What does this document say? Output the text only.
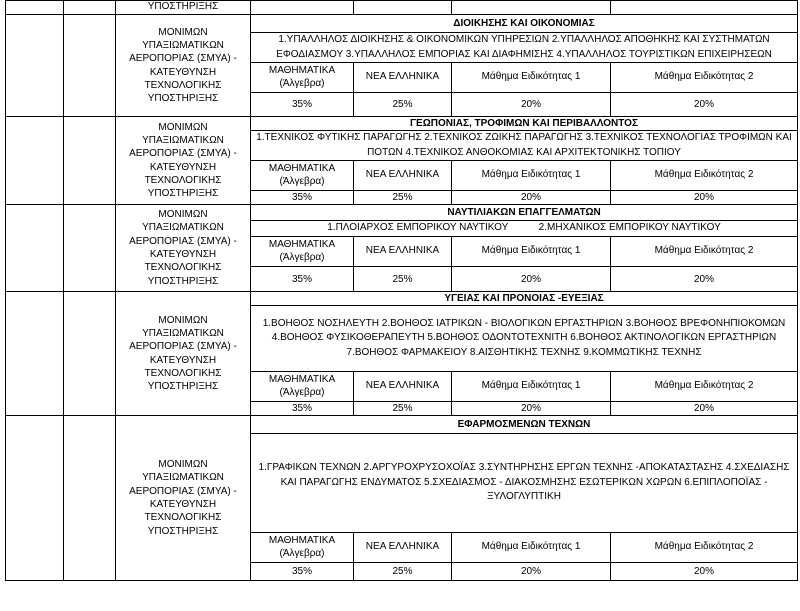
		ΥΠΟΣΤΗΡΙΞΗΣ				
		ΜΟΝΙΜΩΝ ΥΠΑΞΙΩΜΑΤΙΚΩΝ ΑΕΡΟΠΟΡΙΑΣ (ΣΜΥΑ) - ΚΑΤΕΥΘΥΝΣΗ ΤΕΧΝΟΛΟΓΙΚΗΣ ΥΠΟΣΤΗΡΙΞΗΣ	ΔΙΟΙΚΗΣΗΣ ΚΑΙ ΟΙΚΟΝΟΜΙΑΣ			
			1.ΥΠΑΛΛΗΛΟΣ ΔΙΟΙΚΗΣΗΣ & ΟΙΚΟΝΟΜΙΚΩΝ ΥΠΗΡΕΣΙΩΝ 2.ΥΠΑΛΛΗΛΟΣ ΑΠΟΘΗΚΗΣ ΚΑΙ ΣΥΣΤΗΜΑΤΩΝ ΕΦΟΔΙΑΣΜΟΥ 3.ΥΠΑΛΛΗΛΟΣ ΕΜΠΟΡΙΑΣ ΚΑΙ ΔΙΑΦΗΜΙΣΗΣ 4.ΥΠΑΛΛΗΛΟΣ ΤΟΥΡΙΣΤΙΚΩΝ ΕΠΙΧΕΙΡΗΣΕΩΝ			
			ΜΑΘΗΜΑΤΙΚΑ (Άλγεβρα)	ΝΕΑ ΕΛΛΗΝΙΚΑ	Μάθημα Ειδικότητας 1	Μάθημα Ειδικότητας 2
			35%	25%	20%	20%
		ΜΟΝΙΜΩΝ ΥΠΑΞΙΩΜΑΤΙΚΩΝ ΑΕΡΟΠΟΡΙΑΣ (ΣΜΥΑ) - ΚΑΤΕΥΘΥΝΣΗ ΤΕΧΝΟΛΟΓΙΚΗΣ ΥΠΟΣΤΗΡΙΞΗΣ	ΓΕΩΠΟΝΙΑΣ, ΤΡΟΦΙΜΩΝ ΚΑΙ ΠΕΡΙΒΑΛΛΟΝΤΟΣ			
			1.ΤΕΧΝΙΚΟΣ ΦΥΤΙΚΗΣ ΠΑΡΑΓΩΓΗΣ 2.ΤΕΧΝΙΚΟΣ ΖΩΙΚΗΣ ΠΑΡΑΓΩΓΗΣ 3.ΤΕΧΝΙΚΟΣ ΤΕΧΝΟΛΟΓΙΑΣ ΤΡΟΦΙΜΩΝ ΚΑΙ ΠΟΤΩΝ 4.ΤΕΧΝΙΚΟΣ ΑΝΘΟΚΟΜΙΑΣ ΚΑΙ ΑΡΧΙΤΕΚΤΟΝΙΚΗΣ ΤΟΠΙΟΥ			
			ΜΑΘΗΜΑΤΙΚΑ (Άλγεβρα)	ΝΕΑ ΕΛΛΗΝΙΚΑ	Μάθημα Ειδικότητας 1	Μάθημα Ειδικότητας 2
			35%	25%	20%	20%
		ΜΟΝΙΜΩΝ ΥΠΑΞΙΩΜΑΤΙΚΩΝ ΑΕΡΟΠΟΡΙΑΣ (ΣΜΥΑ) - ΚΑΤΕΥΘΥΝΣΗ ΤΕΧΝΟΛΟΓΙΚΗΣ ΥΠΟΣΤΗΡΙΞΗΣ	ΝΑΥΤΙΛΙΑΚΩΝ ΕΠΑΓΓΕΛΜΑΤΩΝ			
			1.ΠΛΟΙΑΡΧΟΣ ΕΜΠΟΡΙΚΟΥ ΝΑΥΤΙΚΟΥ           2.ΜΗΧΑΝΙΚΟΣ ΕΜΠΟΡΙΚΟΥ ΝΑΥΤΙΚΟΥ			
			ΜΑΘΗΜΑΤΙΚΑ (Άλγεβρα)	ΝΕΑ ΕΛΛΗΝΙΚΑ	Μάθημα Ειδικότητας 1	Μάθημα Ειδικότητας 2
			35%	25%	20%	20%
		ΜΟΝΙΜΩΝ ΥΠΑΞΙΩΜΑΤΙΚΩΝ ΑΕΡΟΠΟΡΙΑΣ (ΣΜΥΑ) - ΚΑΤΕΥΘΥΝΣΗ ΤΕΧΝΟΛΟΓΙΚΗΣ ΥΠΟΣΤΗΡΙΞΗΣ	ΥΓΕΙΑΣ ΚΑΙ ΠΡΟΝΟΙΑΣ -ΕΥΕΞΙΑΣ			
			1.ΒΟΗΘΟΣ ΝΟΣΗΛΕΥΤΗ 2.ΒΟΗΘΟΣ ΙΑΤΡΙΚΩΝ - ΒΙΟΛΟΓΙΚΩΝ ΕΡΓΑΣΤΗΡΙΩΝ 3.ΒΟΗΘΟΣ ΒΡΕΦΟΝΗΠΙΟΚΟΜΩΝ 4.ΒΟΗΘΟΣ ΦΥΣΙΚΟΘΕΡΑΠΕΥΤΗ 5.ΒΟΗΘΟΣ ΟΔΟΝΤΟΤΕΧΝΙΤΗ 6.ΒΟΗΘΟΣ ΑΚΤΙΝΟΛΟΓΙΚΩΝ ΕΡΓΑΣΤΗΡΙΩΝ 7.ΒΟΗΘΟΣ ΦΑΡΜΑΚΕΙΟΥ 8.ΑΙΣΘΗΤΙΚΗΣ ΤΕΧΝΗΣ 9.ΚΟΜΜΩΤΙΚΗΣ ΤΕΧΝΗΣ			
			ΜΑΘΗΜΑΤΙΚΑ (Άλγεβρα)	ΝΕΑ ΕΛΛΗΝΙΚΑ	Μάθημα Ειδικότητας 1	Μάθημα Ειδικότητας 2
			35%	25%	20%	20%
		ΜΟΝΙΜΩΝ ΥΠΑΞΙΩΜΑΤΙΚΩΝ ΑΕΡΟΠΟΡΙΑΣ (ΣΜΥΑ) - ΚΑΤΕΥΘΥΝΣΗ ΤΕΧΝΟΛΟΓΙΚΗΣ ΥΠΟΣΤΗΡΙΞΗΣ	ΕΦΑΡΜΟΣΜΕΝΩΝ ΤΕΧΝΩΝ			
			1.ΓΡΑΦΙΚΩΝ ΤΕΧΝΩΝ 2.ΑΡΓΥΡΟΧΡΥΣΟΧΟΪΑΣ 3.ΣΥΝΤΗΡΗΣΗΣ ΕΡΓΩΝ ΤΕΧΝΗΣ -ΑΠΟΚΑΤΑΣΤΑΣΗΣ 4.ΣΧΕΔΙΑΣΗΣ ΚΑΙ ΠΑΡΑΓΩΓΗΣ ΕΝΔΥΜΑΤΟΣ 5.ΣΧΕΔΙΑΣΜΟΣ - ΔΙΑΚΟΣΜΗΣΗΣ ΕΣΩΤΕΡΙΚΩΝ ΧΩΡΩΝ 6.ΕΠΙΠΛΟΠΟΪΑΣ - ΞΥΛΟΓΛΥΠΤΙΚΗ			
			ΜΑΘΗΜΑΤΙΚΑ (Άλγεβρα)	ΝΕΑ ΕΛΛΗΝΙΚΑ	Μάθημα Ειδικότητας 1	Μάθημα Ειδικότητας 2
			35%	25%	20%	20%
